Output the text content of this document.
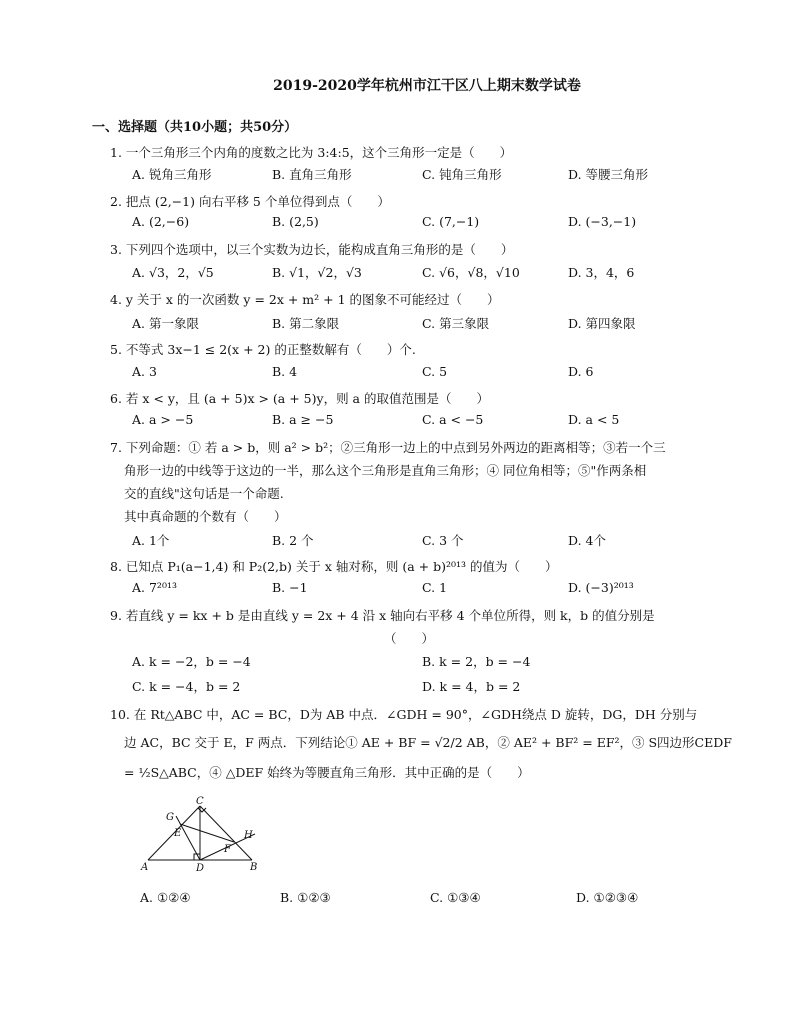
2019-2020学年杭州市江干区八上期末数学试卷
一、选择题（共10小题；共50分）
1. 一个三角形三个内角的度数之比为 3:4:5，这个三角形一定是（　　）
A. 锐角三角形	B. 直角三角形	C. 钝角三角形	D. 等腰三角形
2. 把点 (2,−1) 向右平移 5 个单位得到点（　　）
A. (2,−6)	B. (2,5)	C. (7,−1)	D. (−3,−1)
3. 下列四个选项中，以三个实数为边长，能构成直角三角形的是（　　）
A. √3，2，√5	B. √1，√2，√3	C. √6，√8，√10	D. 3，4，6
4. y 关于 x 的一次函数 y = 2x + m² + 1 的图象不可能经过（　　）
A. 第一象限	B. 第二象限	C. 第三象限	D. 第四象限
5. 不等式 3x−1 ≤ 2(x + 2) 的正整数解有（　　）个.
A. 3	B. 4	C. 5	D. 6
6. 若 x < y，且 (a + 5)x > (a + 5)y，则 a 的取值范围是（　　）
A. a > −5	B. a ≥ −5	C. a < −5	D. a < 5
7. 下列命题：① 若 a > b，则 a² > b²；②三角形一边上的中点到另外两边的距离相等；③若一个三
角形一边的中线等于这边的一半，那么这个三角形是直角三角形；④ 同位角相等；⑤"作两条相
交的直线"这句话是一个命题.
其中真命题的个数有（　　）
A. 1个	B. 2 个	C. 3 个	D. 4个
8. 已知点 P₁(a−1,4) 和 P₂(2,b) 关于 x 轴对称，则 (a + b)²⁰¹³ 的值为（　　）
A. 7²⁰¹³	B. −1	C. 1	D. (−3)²⁰¹³
9. 若直线 y = kx + b 是由直线 y = 2x + 4 沿 x 轴向右平移 4 个单位所得，则 k，b 的值分别是
（　　）
A. k = −2，b = −4	B. k = 2，b = −4
C. k = −4，b = 2	D. k = 4，b = 2
10. 在 Rt△ABC 中，AC = BC，D为 AB 中点．∠GDH = 90°，∠GDH绕点 D 旋转，DG，DH 分别与
边 AC，BC 交于 E，F 两点．下列结论① AE + BF = √2/2 AB，② AE² + BF² = EF²，③ S四边形CEDF
= ½S△ABC，④ △DEF 始终为等腰直角三角形．其中正确的是（　　）
C
G
E	H
F
A	D	B
A. ①②④	B. ①②③	C. ①③④	D. ①②③④
